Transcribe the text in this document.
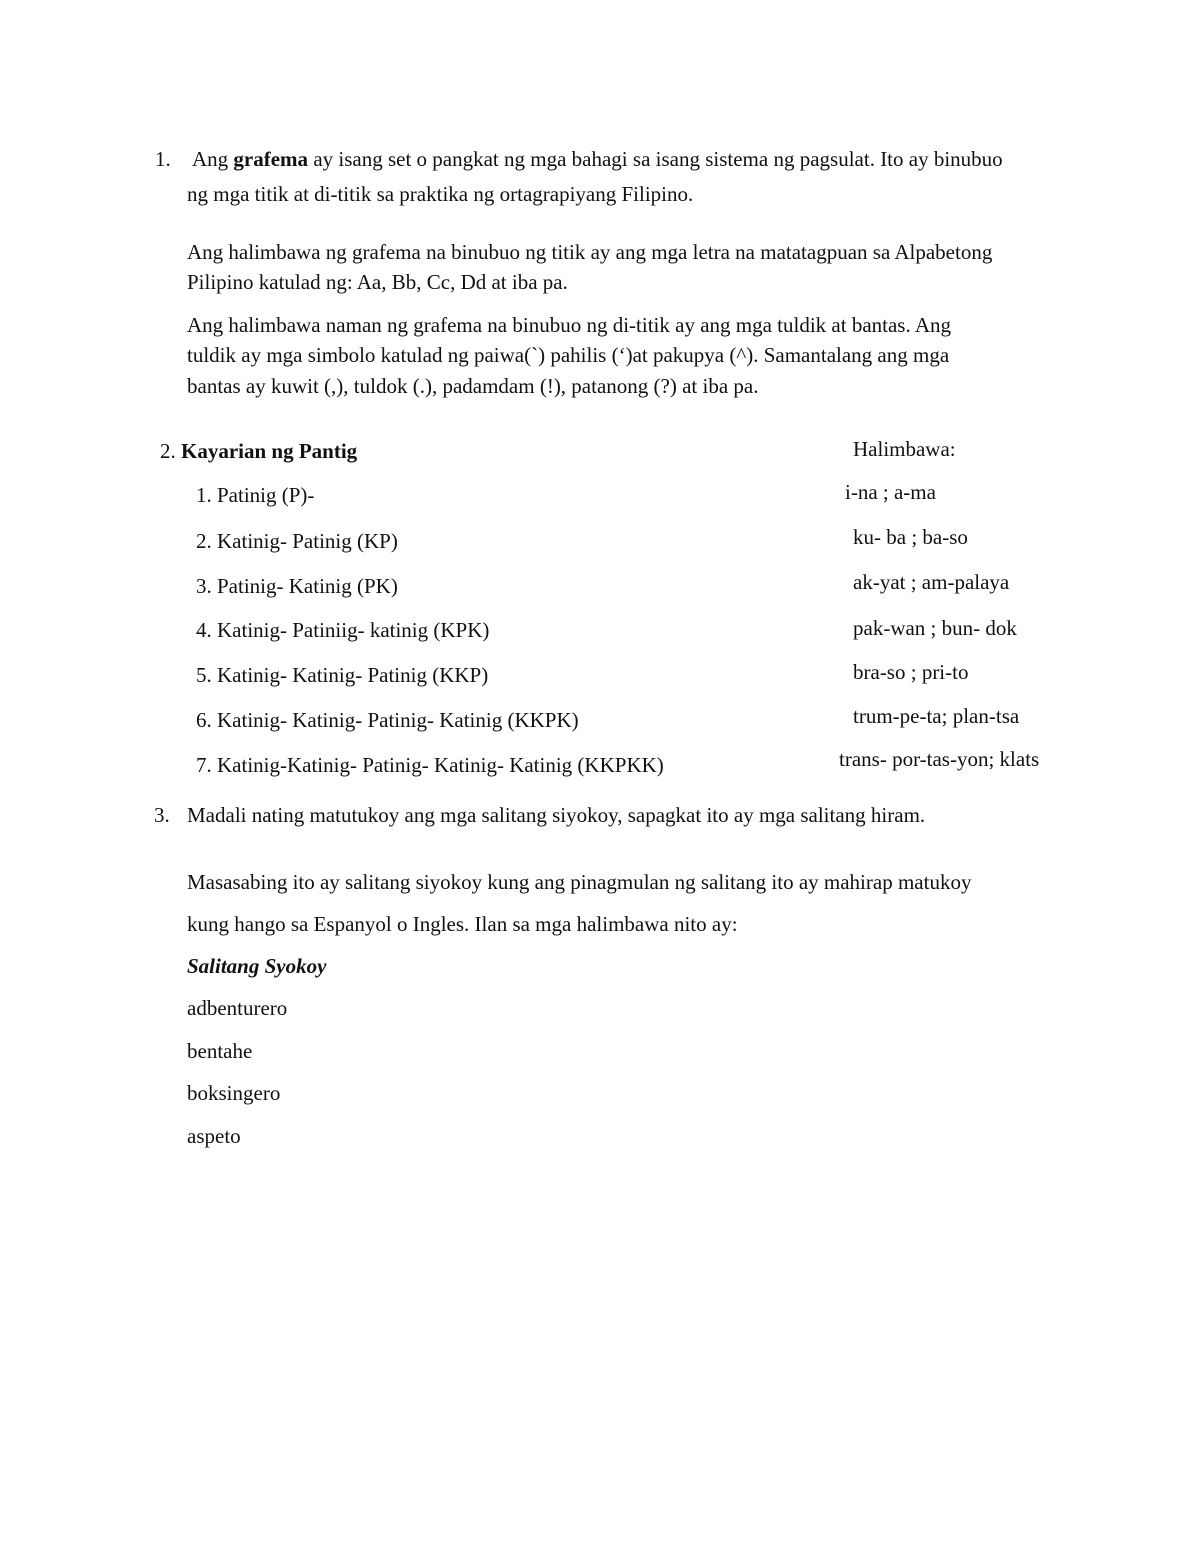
1. Ang grafema ay isang set o pangkat ng mga bahagi sa isang sistema ng pagsulat. Ito ay binubuo
ng mga titik at di-titik sa praktika ng ortagrapiyang Filipino.
Ang halimbawa ng grafema na binubuo ng titik ay ang mga letra na matatagpuan sa Alpabetong
Pilipino katulad ng: Aa, Bb, Cc, Dd at iba pa.
Ang halimbawa naman ng grafema na binubuo ng di-titik ay ang mga tuldik at bantas. Ang
tuldik ay mga simbolo katulad ng paiwa(`) pahilis (‘)at pakupya (^). Samantalang ang mga
bantas ay kuwit (,), tuldok (.), padamdam (!), patanong (?) at iba pa.
2. Kayarian ng Pantig	Halimbawa:
1. Patinig (P)-	i-na ; a-ma
2. Katinig- Patinig (KP)	ku- ba ; ba-so
3. Patinig- Katinig (PK)	ak-yat ; am-palaya
4. Katinig- Patiniig- katinig (KPK)	pak-wan ; bun- dok
5. Katinig- Katinig- Patinig (KKP)	bra-so ; pri-to
6. Katinig- Katinig- Patinig- Katinig (KKPK)	trum-pe-ta; plan-tsa
7. Katinig-Katinig- Patinig- Katinig- Katinig (KKPKK)	trans- por-tas-yon; klats
3. Madali nating matutukoy ang mga salitang siyokoy, sapagkat ito ay mga salitang hiram.
Masasabing ito ay salitang siyokoy kung ang pinagmulan ng salitang ito ay mahirap matukoy
kung hango sa Espanyol o Ingles. Ilan sa mga halimbawa nito ay:
Salitang Syokoy
adbenturero
bentahe
boksingero
aspeto
